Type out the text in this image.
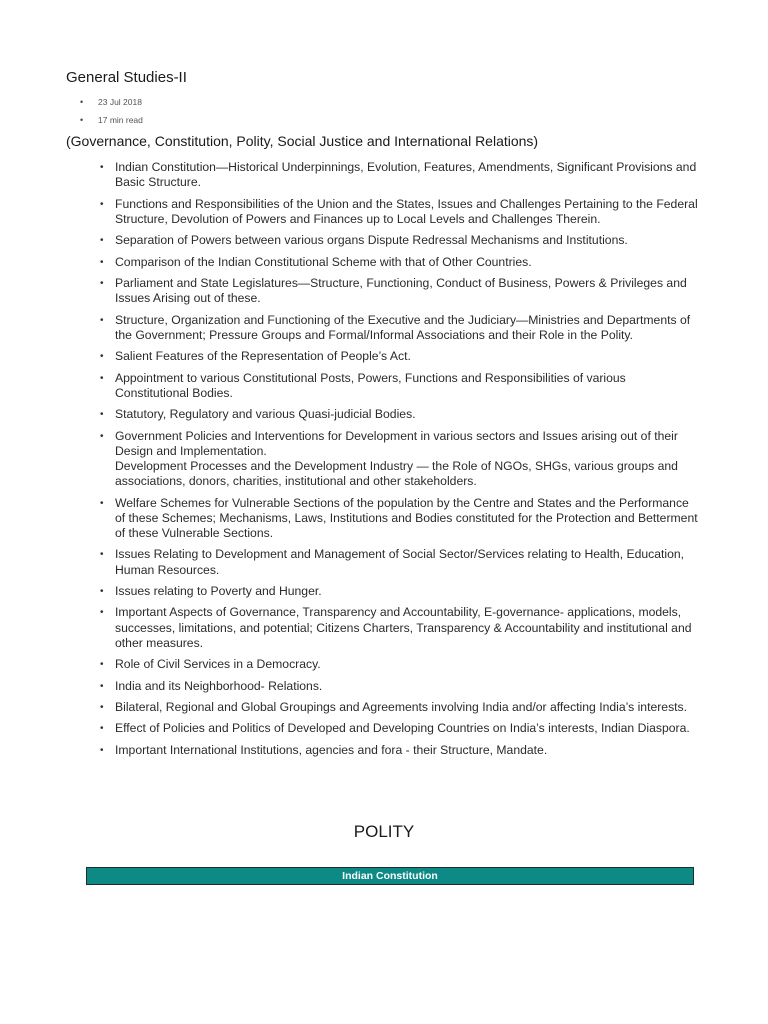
General Studies-II
• 23 Jul 2018
• 17 min read
(Governance, Constitution, Polity, Social Justice and International Relations)
• Indian Constitution—Historical Underpinnings, Evolution, Features, Amendments, Significant Provisions and Basic Structure.
• Functions and Responsibilities of the Union and the States, Issues and Challenges Pertaining to the Federal Structure, Devolution of Powers and Finances up to Local Levels and Challenges Therein.
• Separation of Powers between various organs Dispute Redressal Mechanisms and Institutions.
• Comparison of the Indian Constitutional Scheme with that of Other Countries.
• Parliament and State Legislatures—Structure, Functioning, Conduct of Business, Powers & Privileges and Issues Arising out of these.
• Structure, Organization and Functioning of the Executive and the Judiciary—Ministries and Departments of the Government; Pressure Groups and Formal/Informal Associations and their Role in the Polity.
• Salient Features of the Representation of People’s Act.
• Appointment to various Constitutional Posts, Powers, Functions and Responsibilities of various Constitutional Bodies.
• Statutory, Regulatory and various Quasi-judicial Bodies.
• Government Policies and Interventions for Development in various sectors and Issues arising out of their Design and Implementation.
Development Processes and the Development Industry — the Role of NGOs, SHGs, various groups and associations, donors, charities, institutional and other stakeholders.
• Welfare Schemes for Vulnerable Sections of the population by the Centre and States and the Performance of these Schemes; Mechanisms, Laws, Institutions and Bodies constituted for the Protection and Betterment of these Vulnerable Sections.
• Issues Relating to Development and Management of Social Sector/Services relating to Health, Education, Human Resources.
• Issues relating to Poverty and Hunger.
• Important Aspects of Governance, Transparency and Accountability, E-governance- applications, models, successes, limitations, and potential; Citizens Charters, Transparency & Accountability and institutional and other measures.
• Role of Civil Services in a Democracy.
• India and its Neighborhood- Relations.
• Bilateral, Regional and Global Groupings and Agreements involving India and/or affecting India’s interests.
• Effect of Policies and Politics of Developed and Developing Countries on India’s interests, Indian Diaspora.
• Important International Institutions, agencies and fora - their Structure, Mandate.
POLITY
Indian Constitution
